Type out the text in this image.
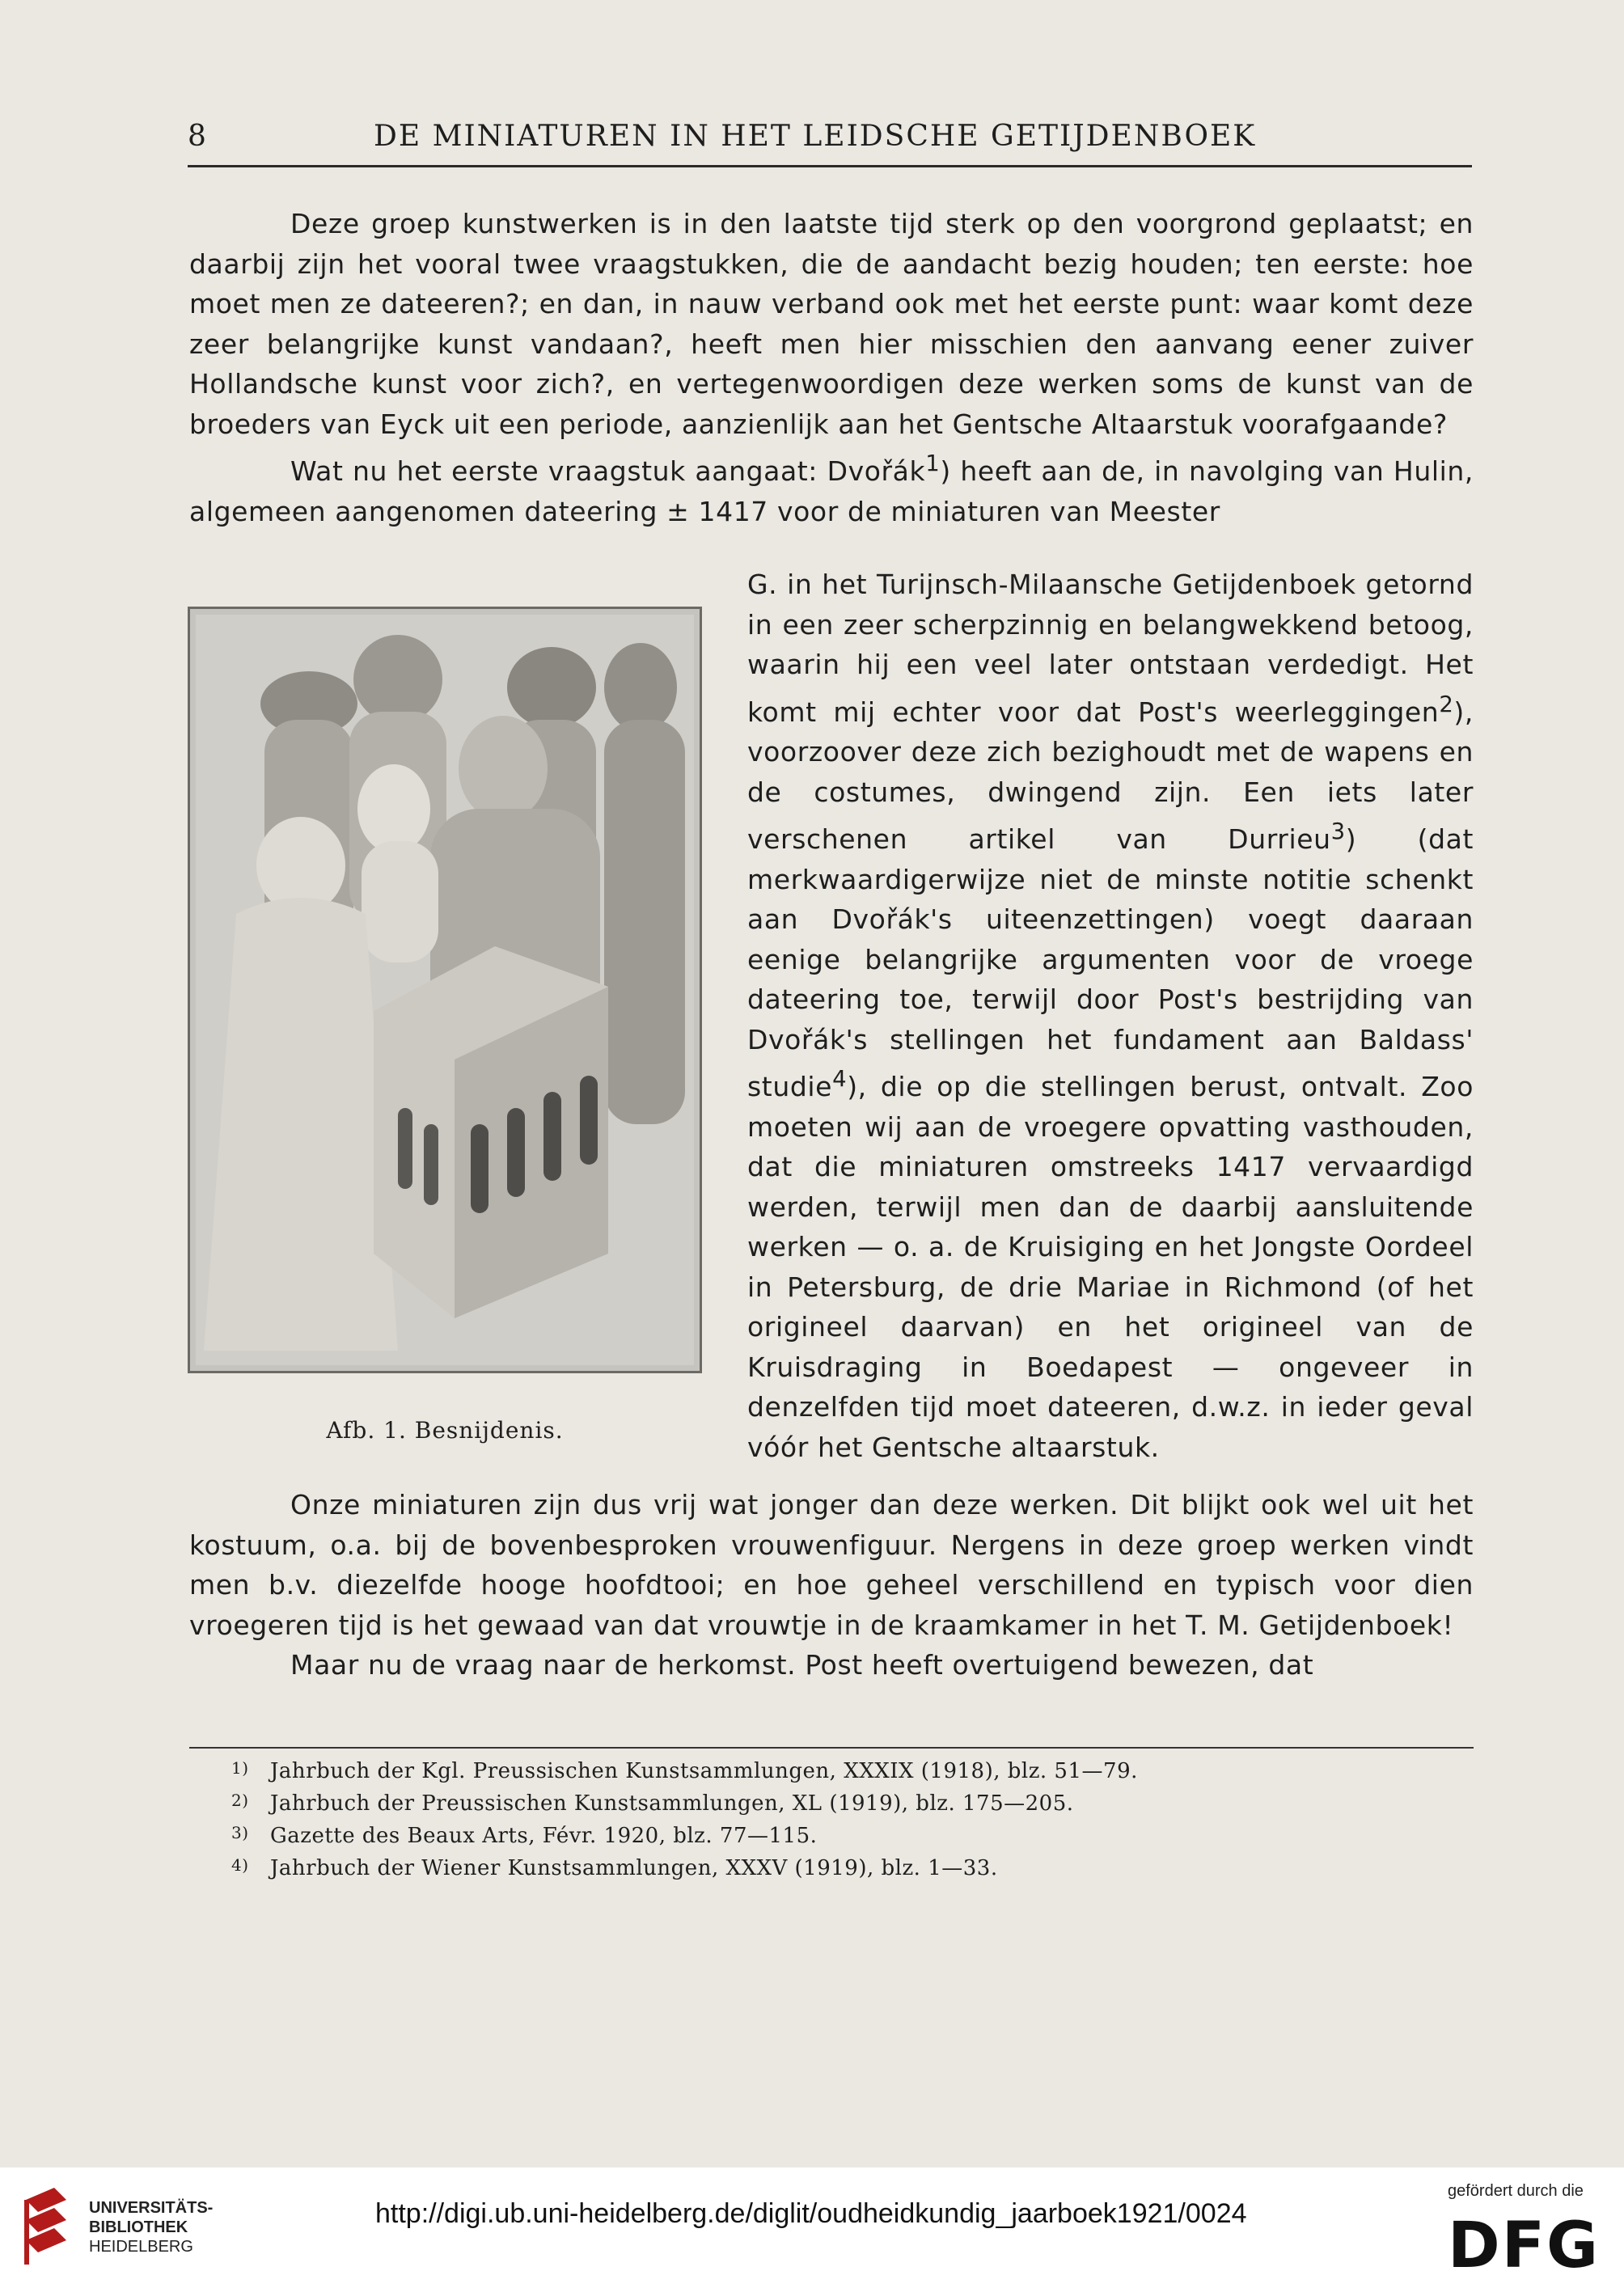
8	DE MINIATUREN IN HET LEIDSCHE GETIJDENBOEK

Deze groep kunstwerken is in den laatste tijd sterk op den voorgrond geplaatst; en daarbij zijn het vooral twee vraagstukken, die de aandacht bezig houden; ten eerste: hoe moet men ze dateeren?; en dan, in nauw verband ook met het eerste punt: waar komt deze zeer belangrijke kunst vandaan?, heeft men hier misschien den aanvang eener zuiver Hollandsche kunst voor zich?, en vertegenwoordigen deze werken soms de kunst van de broeders van Eyck uit een periode, aanzienlijk aan het Gentsche Altaarstuk voorafgaande?

Wat nu het eerste vraagstuk aangaat: Dvořák$^1$) heeft aan de, in navolging van Hulin, algemeen aangenomen dateering ± 1417 voor de miniaturen van Meester

Afb. 1. Besnijdenis.

G. in het Turijnsch-Milaansche Getijdenboek getornd in een zeer scherpzinnig en belangwekkend betoog, waarin hij een veel later ontstaan verdedigt. Het komt mij echter voor dat Post's weerleggingen$^2$), voorzoover deze zich bezighoudt met de wapens en de costumes, dwingend zijn. Een iets later verschenen artikel van Durrieu$^3$) (dat merkwaardigerwijze niet de minste notitie schenkt aan Dvořák's uiteenzettingen) voegt daaraan eenige belangrijke argumenten voor de vroege dateering toe, terwijl door Post's bestrijding van Dvořák's stellingen het fundament aan Baldass' studie$^4$), die op die stellingen berust, ontvalt. Zoo moeten wij aan de vroegere opvatting vasthouden, dat die miniaturen omstreeks 1417 vervaardigd werden, terwijl men dan de daarbij aansluitende werken — o. a. de Kruisiging en het Jongste Oordeel in Petersburg, de drie Mariae in Richmond (of het origineel daarvan) en het origineel van de Kruisdraging in Boedapest — ongeveer in denzelfden tijd moet dateeren, d.w.z. in ieder geval vóór het Gentsche altaarstuk.

Onze miniaturen zijn dus vrij wat jonger dan deze werken. Dit blijkt ook wel uit het kostuum, o.a. bij de bovenbesproken vrouwenfiguur. Nergens in deze groep werken vindt men b.v. diezelfde hooge hoofdtooi; en hoe geheel verschillend en typisch voor dien vroegeren tijd is het gewaad van dat vrouwtje in de kraamkamer in het T. M. Getijdenboek!

Maar nu de vraag naar de herkomst. Post heeft overtuigend bewezen, dat

1) Jahrbuch der Kgl. Preussischen Kunstsammlungen, XXXIX (1918), blz. 51—79.
2) Jahrbuch der Preussischen Kunstsammlungen, XL (1919), blz. 175—205.
3) Gazette des Beaux Arts, Févr. 1920, blz. 77—115.
4) Jahrbuch der Wiener Kunstsammlungen, XXXV (1919), blz. 1—33.
UNIVERSITÄTS-
BIBLIOTHEK
HEIDELBERG
http://digi.ub.uni-heidelberg.de/diglit/oudheidkundig_jaarboek1921/0024
gefördert durch die
DFG
